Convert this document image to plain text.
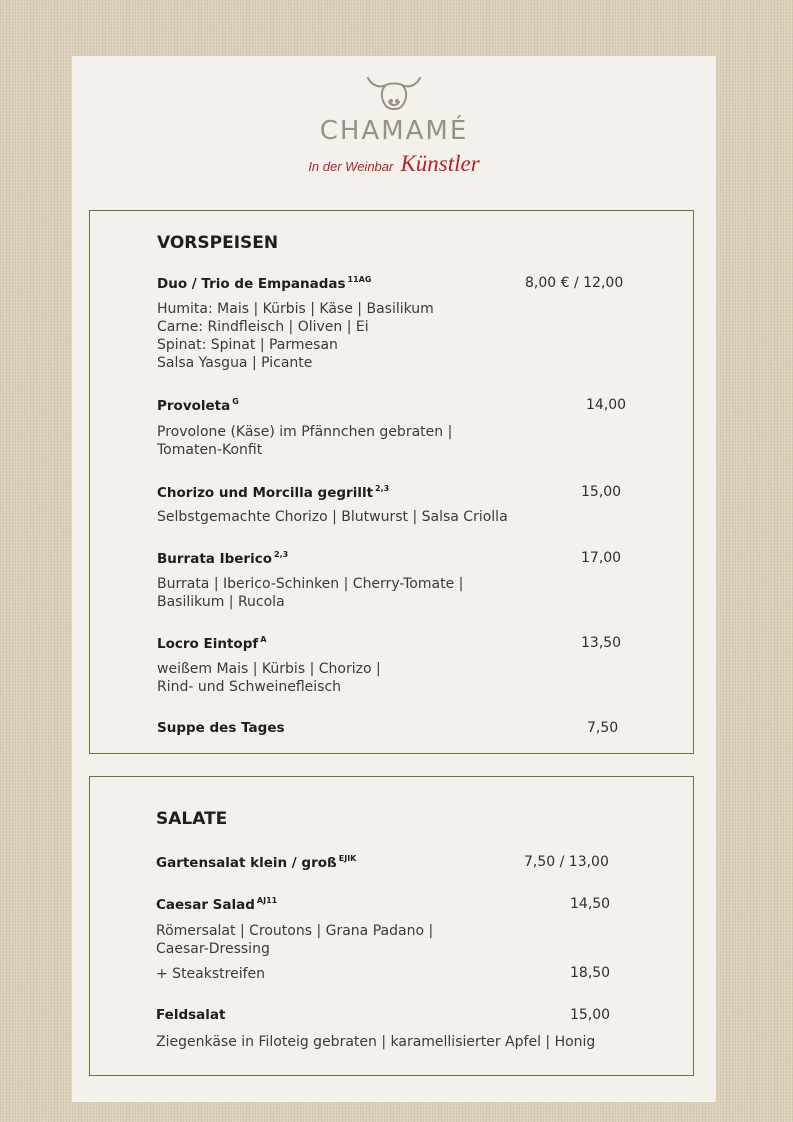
CHAMAMÉ
In der Weinbar Künstler
VORSPEISEN
Duo / Trio de Empanadas $^{11AG}$	8,00 € / 12,00
Humita: Mais | Kürbis | Käse | Basilikum
Carne: Rindfleisch | Oliven | Ei
Spinat: Spinat | Parmesan
Salsa Yasgua | Picante
Provoleta $^G$	14,00
Provolone (Käse) im Pfännchen gebraten |
Tomaten-Konfit
Chorizo und Morcilla gegrillt $^{2,3}$	15,00
Selbstgemachte Chorizo | Blutwurst | Salsa Criolla
Burrata Iberico $^{2,3}$	17,00
Burrata | Iberico-Schinken | Cherry-Tomate |
Basilikum | Rucola
Locro Eintopf $^A$	13,50
weißem Mais | Kürbis | Chorizo |
Rind- und Schweinefleisch
Suppe des Tages	7,50
SALATE
Gartensalat klein / groß $^{EJIK}$	7,50 / 13,00
Caesar Salad $^{AJ11}$	14,50
Römersalat | Croutons | Grana Padano |
Caesar-Dressing
+ Steakstreifen	18,50
Feldsalat	15,00
Ziegenkäse in Filoteig gebraten | karamellisierter Apfel | Honig
